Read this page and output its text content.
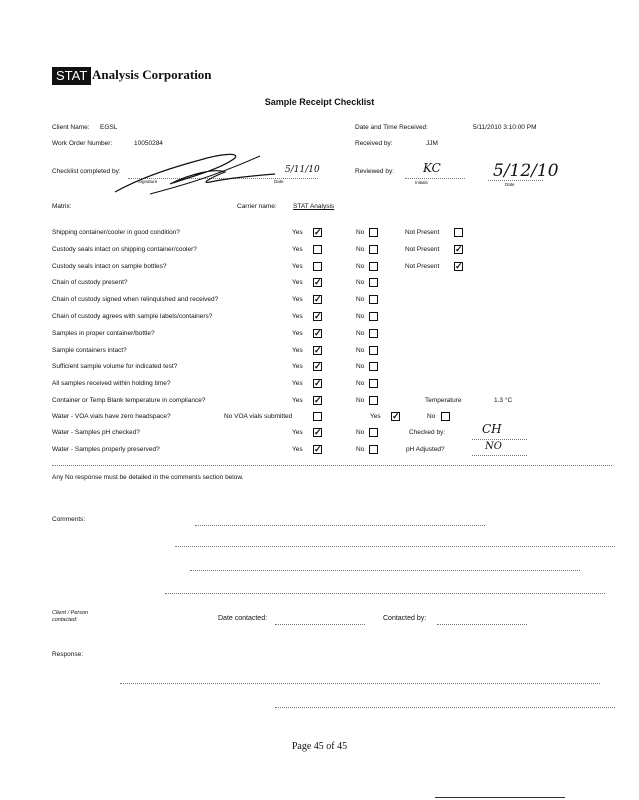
STAT Analysis Corporation
Sample Receipt Checklist
Client Name: EGSL	Date and Time Received:	5/11/2010 3:10:00 PM
Work Order Number:	10050284	Received by:	JJM
Checklist completed by:
Signature	Date
5/11/10	Reviewed by: KC
Initials
5/12/10
Date
Matrix:	Carrier name:	STAT Analysis
Shipping container/cooler in good condition?	Yes ✓	No	Not Present
Custody seals intact on shipping container/cooler?	Yes	No	Not Present ✓
Custody seals intact on sample bottles?	Yes	No	Not Present ✓
Chain of custody present?	Yes ✓	No
Chain of custody signed when relinquished and received?	Yes ✓	No
Chain of custody agrees with sample labels/containers?	Yes ✓	No
Samples in proper container/bottle?	Yes ✓	No
Sample containers intact?	Yes ✓	No
Sufficient sample volume for indicated test?	Yes ✓	No
All samples received within holding time?	Yes ✓	No
Container or Temp Blank temperature in compliance?	Yes ✓	No	Temperature	1.3 °C
Water - VOA vials have zero headspace?	No VOA vials submitted	Yes ✓	No
Water - Samples pH checked?	Yes ✓	No	Checked by:	CH
Water - Samples properly preserved?	Yes ✓	No	pH Adjusted?	NO
Any No response must be detailed in the comments section below.
Comments:
Client / Person
contacted:	Date contacted:	Contacted by:
Response:
Page 45 of 45
